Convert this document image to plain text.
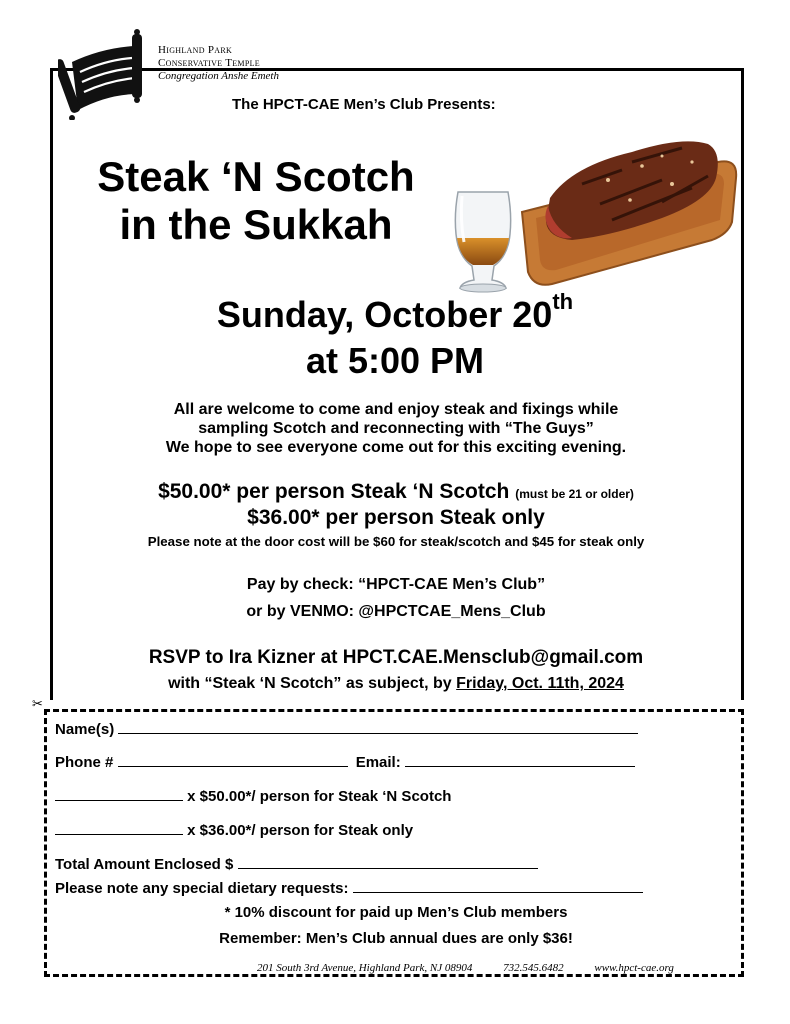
Highland Park
Conservative Temple
Congregation Anshe Emeth
The HPCT-CAE Men’s Club Presents:
Steak ‘N Scotch
in the Sukkah
Sunday, October 20th
at 5:00 PM
All are welcome to come and enjoy steak and fixings while
sampling Scotch and reconnecting with “The Guys”
We hope to see everyone come out for this exciting evening.
$50.00* per person Steak ‘N Scotch (must be 21 or older)
$36.00* per person Steak only
Please note at the door cost will be $60 for steak/scotch and $45 for steak only
Pay by check: “HPCT-CAE Men’s Club”
or by VENMO: @HPCTCAE_Mens_Club
RSVP to Ira Kizner at HPCT.CAE.Mensclub@gmail.com
with “Steak ‘N Scotch” as subject, by Friday, Oct. 11th, 2024
✂
Name(s)
Phone #	Email:
x $50.00*/ person for Steak ‘N Scotch
x $36.00*/ person for Steak only
Total Amount Enclosed $
Please note any special dietary requests:
* 10% discount for paid up Men’s Club members
Remember: Men’s Club annual dues are only $36!
201 South 3rd Avenue, Highland Park, NJ 08904	732.545.6482	www.hpct-cae.org
